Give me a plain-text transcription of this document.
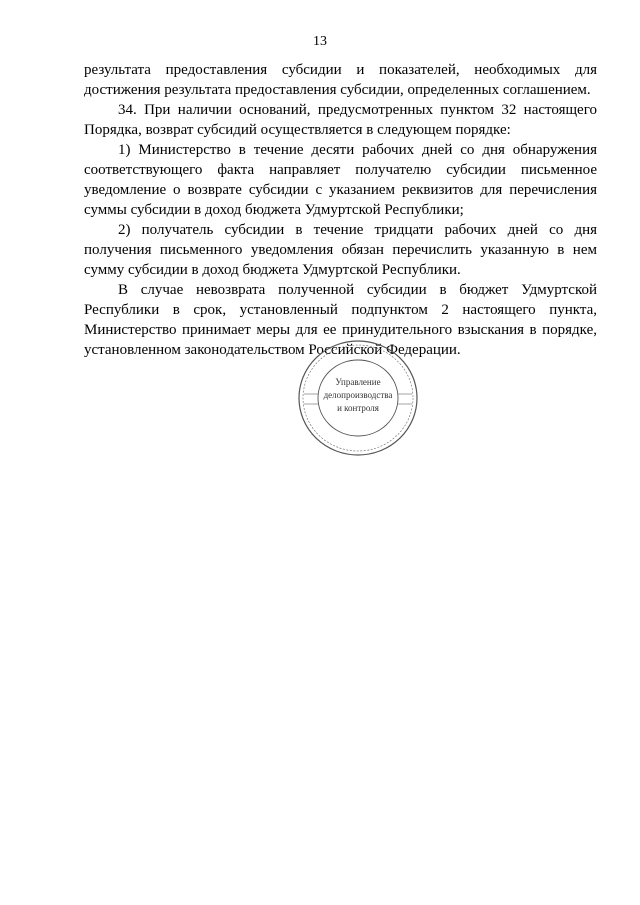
13

результата предоставления субсидии и показателей, необходимых для достижения результата предоставления субсидии, определенных соглашением.

34. При наличии оснований, предусмотренных пунктом 32 настоящего Порядка, возврат субсидий осуществляется в следующем порядке:

1) Министерство в течение десяти рабочих дней со дня обнаружения соответствующего факта направляет получателю субсидии письменное уведомление о возврате субсидии с указанием реквизитов для перечисления суммы субсидии в доход бюджета Удмуртской Республики;

2) получатель субсидии в течение тридцати рабочих дней со дня получения письменного уведомления обязан перечислить указанную в нем сумму субсидии в доход бюджета Удмуртской Республики.

В случае невозврата полученной субсидии в бюджет Удмуртской Республики в срок, установленный подпунктом 2 настоящего пункта, Министерство принимает меры для ее принудительного взыскания в порядке, установленном законодательством Российской Федерации.

Управление
делопроизводства
и контроля
